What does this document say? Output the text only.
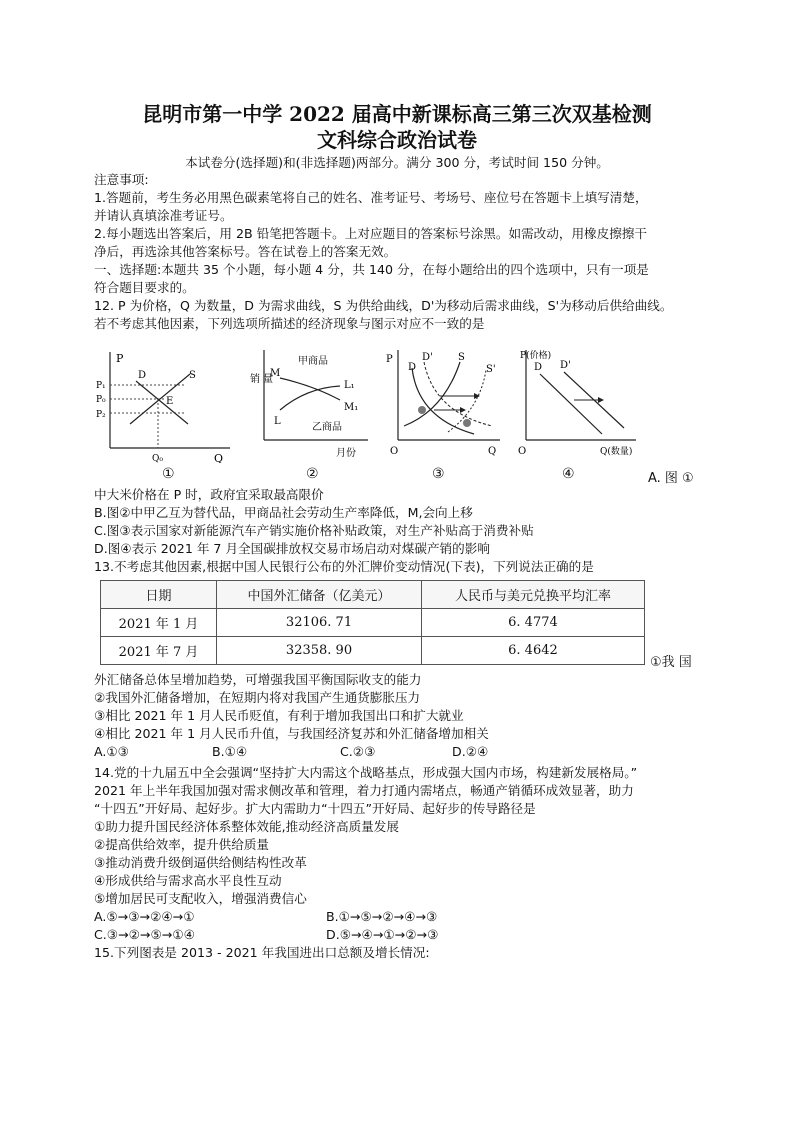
昆明市第一中学 2022 届高中新课标高三第三次双基检测
文科综合政治试卷
本试卷分(选择题)和(非选择题)两部分。满分 300 分，考试时间 150 分钟。
注意事项:
1.答题前，考生务必用黑色碳素笔将自己的姓名、准考证号、考场号、座位号在答题卡上填写清楚，
并请认真填涂准考证号。
2.每小题选出答案后，用 2B 铅笔把答题卡。上对应题目的答案标号涂黑。如需改动，用橡皮擦擦干
净后，再选涂其他答案标号。答在试卷上的答案无效。
一、选择题:本题共 35 个小题，每小题 4 分，共 140 分，在每小题给出的四个选项中，只有一项是
符合题目要求的。
12. P 为价格，Q 为数量，D 为需求曲线，S 为供给曲线，D'为移动后需求曲线，S'为移动后供给曲线。
若不考虑其他因素，下列选项所描述的经济现象与图示对应不一致的是
P
Q
P₁
P₀
P₂
D	S
E
Q₀
销 量
月份
甲商品
乙商品
M
L
L₁
M₁
P
Q
O
D
D'	S
S'
P(价格)
Q(数量)
O
D D'
①	②	③	④	A. 图 ①
中大米价格在 P 时，政府宜采取最高限价
B.图②中甲乙互为替代品，甲商品社会劳动生产率降低，M,会向上移
C.图③表示国家对新能源汽车产销实施价格补贴政策，对生产补贴高于消费补贴
D.图④表示 2021 年 7 月全国碳排放权交易市场启动对煤碳产销的影响
13.不考虑其他因素,根据中国人民银行公布的外汇牌价变动情况(下表)，下列说法正确的是
日期	中国外汇储备（亿美元）	人民币与美元兑换平均汇率
2021 年 1 月	32106. 71	6. 4774
2021 年 7 月	32358. 90	6. 4642
①我 国
外汇储备总体呈增加趋势，可增强我国平衡国际收支的能力
②我国外汇储备增加，在短期内将对我国产生通货膨胀压力
③相比 2021 年 1 月人民币贬值，有利于增加我国出口和扩大就业
④相比 2021 年 1 月人民币升值，与我国经济复苏和外汇储备增加相关
A.①③	B.①④	C.②③	D.②④
14.党的十九届五中全会强调“坚持扩大内需这个战略基点，形成强大国内市场，构建新发展格局。”
2021 年上半年我国加强对需求侧改革和管理，着力打通内需堵点，畅通产销循环成效显著，助力
“十四五”开好局、起好步。扩大内需助力“十四五”开好局、起好步的传导路径是
①助力提升国民经济体系整体效能,推动经济高质量发展
②提高供给效率，提升供给质量
③推动消费升级倒逼供给侧结构性改革
④形成供给与需求高水平良性互动
⑤增加居民可支配收入，增强消费信心
A.⑤→③→②④→①	B.①→⑤→②→④→③
C.③→②→⑤→①④	D.⑤→④→①→②→③
15.下列图表是 2013 - 2021 年我国进出口总额及增长情况:
